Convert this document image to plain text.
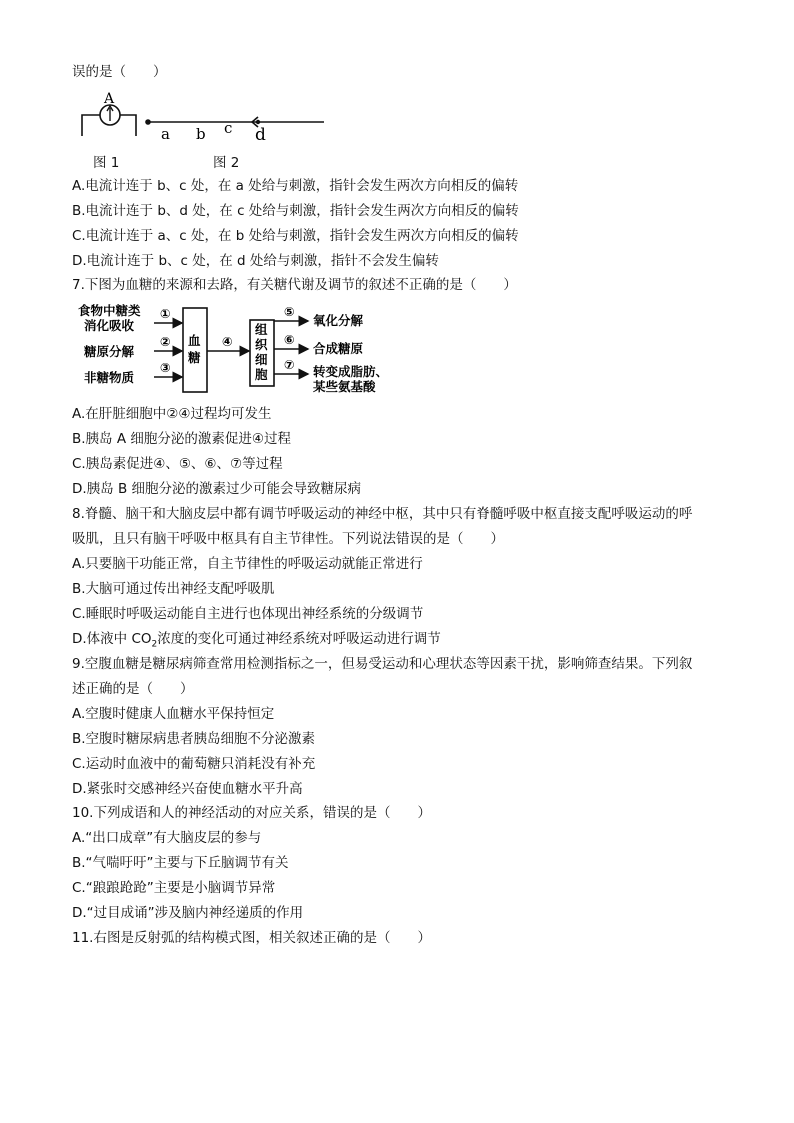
误的是（　　）
A
a b c d
图 1	图 2
A.电流计连于 b、c 处，在 a 处给与刺激，指针会发生两次方向相反的偏转
B.电流计连于 b、d 处，在 c 处给与刺激，指针会发生两次方向相反的偏转
C.电流计连于 a、c 处，在 b 处给与刺激，指针会发生两次方向相反的偏转
D.电流计连于 b、c 处，在 d 处给与刺激，指针不会发生偏转
7.下图为血糖的来源和去路，有关糖代谢及调节的叙述不正确的是（　　）
食物中糖类
消化吸收
糖原分解
非糖物质
①
②
③
血
糖
④
组
织
细
胞
⑤
⑥
⑦
氧化分解
合成糖原
转变成脂肪、
某些氨基酸
A.在肝脏细胞中②④过程均可发生
B.胰岛 A 细胞分泌的激素促进④过程
C.胰岛素促进④、⑤、⑥、⑦等过程
D.胰岛 B 细胞分泌的激素过少可能会导致糖尿病
8.脊髓、脑干和大脑皮层中都有调节呼吸运动的神经中枢，其中只有脊髓呼吸中枢直接支配呼吸运动的呼
吸肌，且只有脑干呼吸中枢具有自主节律性。下列说法错误的是（　　）
A.只要脑干功能正常，自主节律性的呼吸运动就能正常进行
B.大脑可通过传出神经支配呼吸肌
C.睡眠时呼吸运动能自主进行也体现出神经系统的分级调节
D.体液中 $CO_2$浓度的变化可通过神经系统对呼吸运动进行调节
9.空腹血糖是糖尿病筛查常用检测指标之一，但易受运动和心理状态等因素干扰，影响筛查结果。下列叙
述正确的是（　　）
A.空腹时健康人血糖水平保持恒定
B.空腹时糖尿病患者胰岛细胞不分泌激素
C.运动时血液中的葡萄糖只消耗没有补充
D.紧张时交感神经兴奋使血糖水平升高
10.下列成语和人的神经活动的对应关系，错误的是（　　）
A.“出口成章”有大脑皮层的参与
B.“气喘吁吁”主要与下丘脑调节有关
C.“踉踉跄跄”主要是小脑调节异常
D.“过目成诵”涉及脑内神经递质的作用
11.右图是反射弧的结构模式图，相关叙述正确的是（　　）
